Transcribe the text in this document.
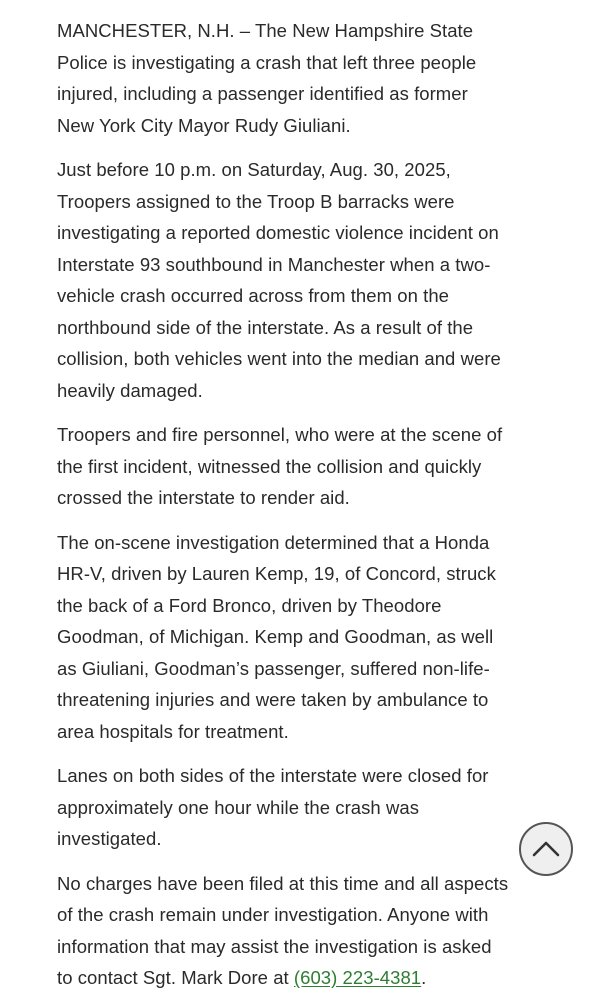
MANCHESTER, N.H. – The New Hampshire State
Police is investigating a crash that left three people
injured, including a passenger identified as former
New York City Mayor Rudy Giuliani.

Just before 10 p.m. on Saturday, Aug. 30, 2025,
Troopers assigned to the Troop B barracks were
investigating a reported domestic violence incident on
Interstate 93 southbound in Manchester when a two-
vehicle crash occurred across from them on the
northbound side of the interstate. As a result of the
collision, both vehicles went into the median and were
heavily damaged.

Troopers and fire personnel, who were at the scene of
the first incident, witnessed the collision and quickly
crossed the interstate to render aid.

The on-scene investigation determined that a Honda
HR-V, driven by Lauren Kemp, 19, of Concord, struck
the back of a Ford Bronco, driven by Theodore
Goodman, of Michigan. Kemp and Goodman, as well
as Giuliani, Goodman’s passenger, suffered non-life-
threatening injuries and were taken by ambulance to
area hospitals for treatment.

Lanes on both sides of the interstate were closed for
approximately one hour while the crash was
investigated.

No charges have been filed at this time and all aspects
of the crash remain under investigation. Anyone with
information that may assist the investigation is asked
to contact Sgt. Mark Dore at (603) 223-4381.
